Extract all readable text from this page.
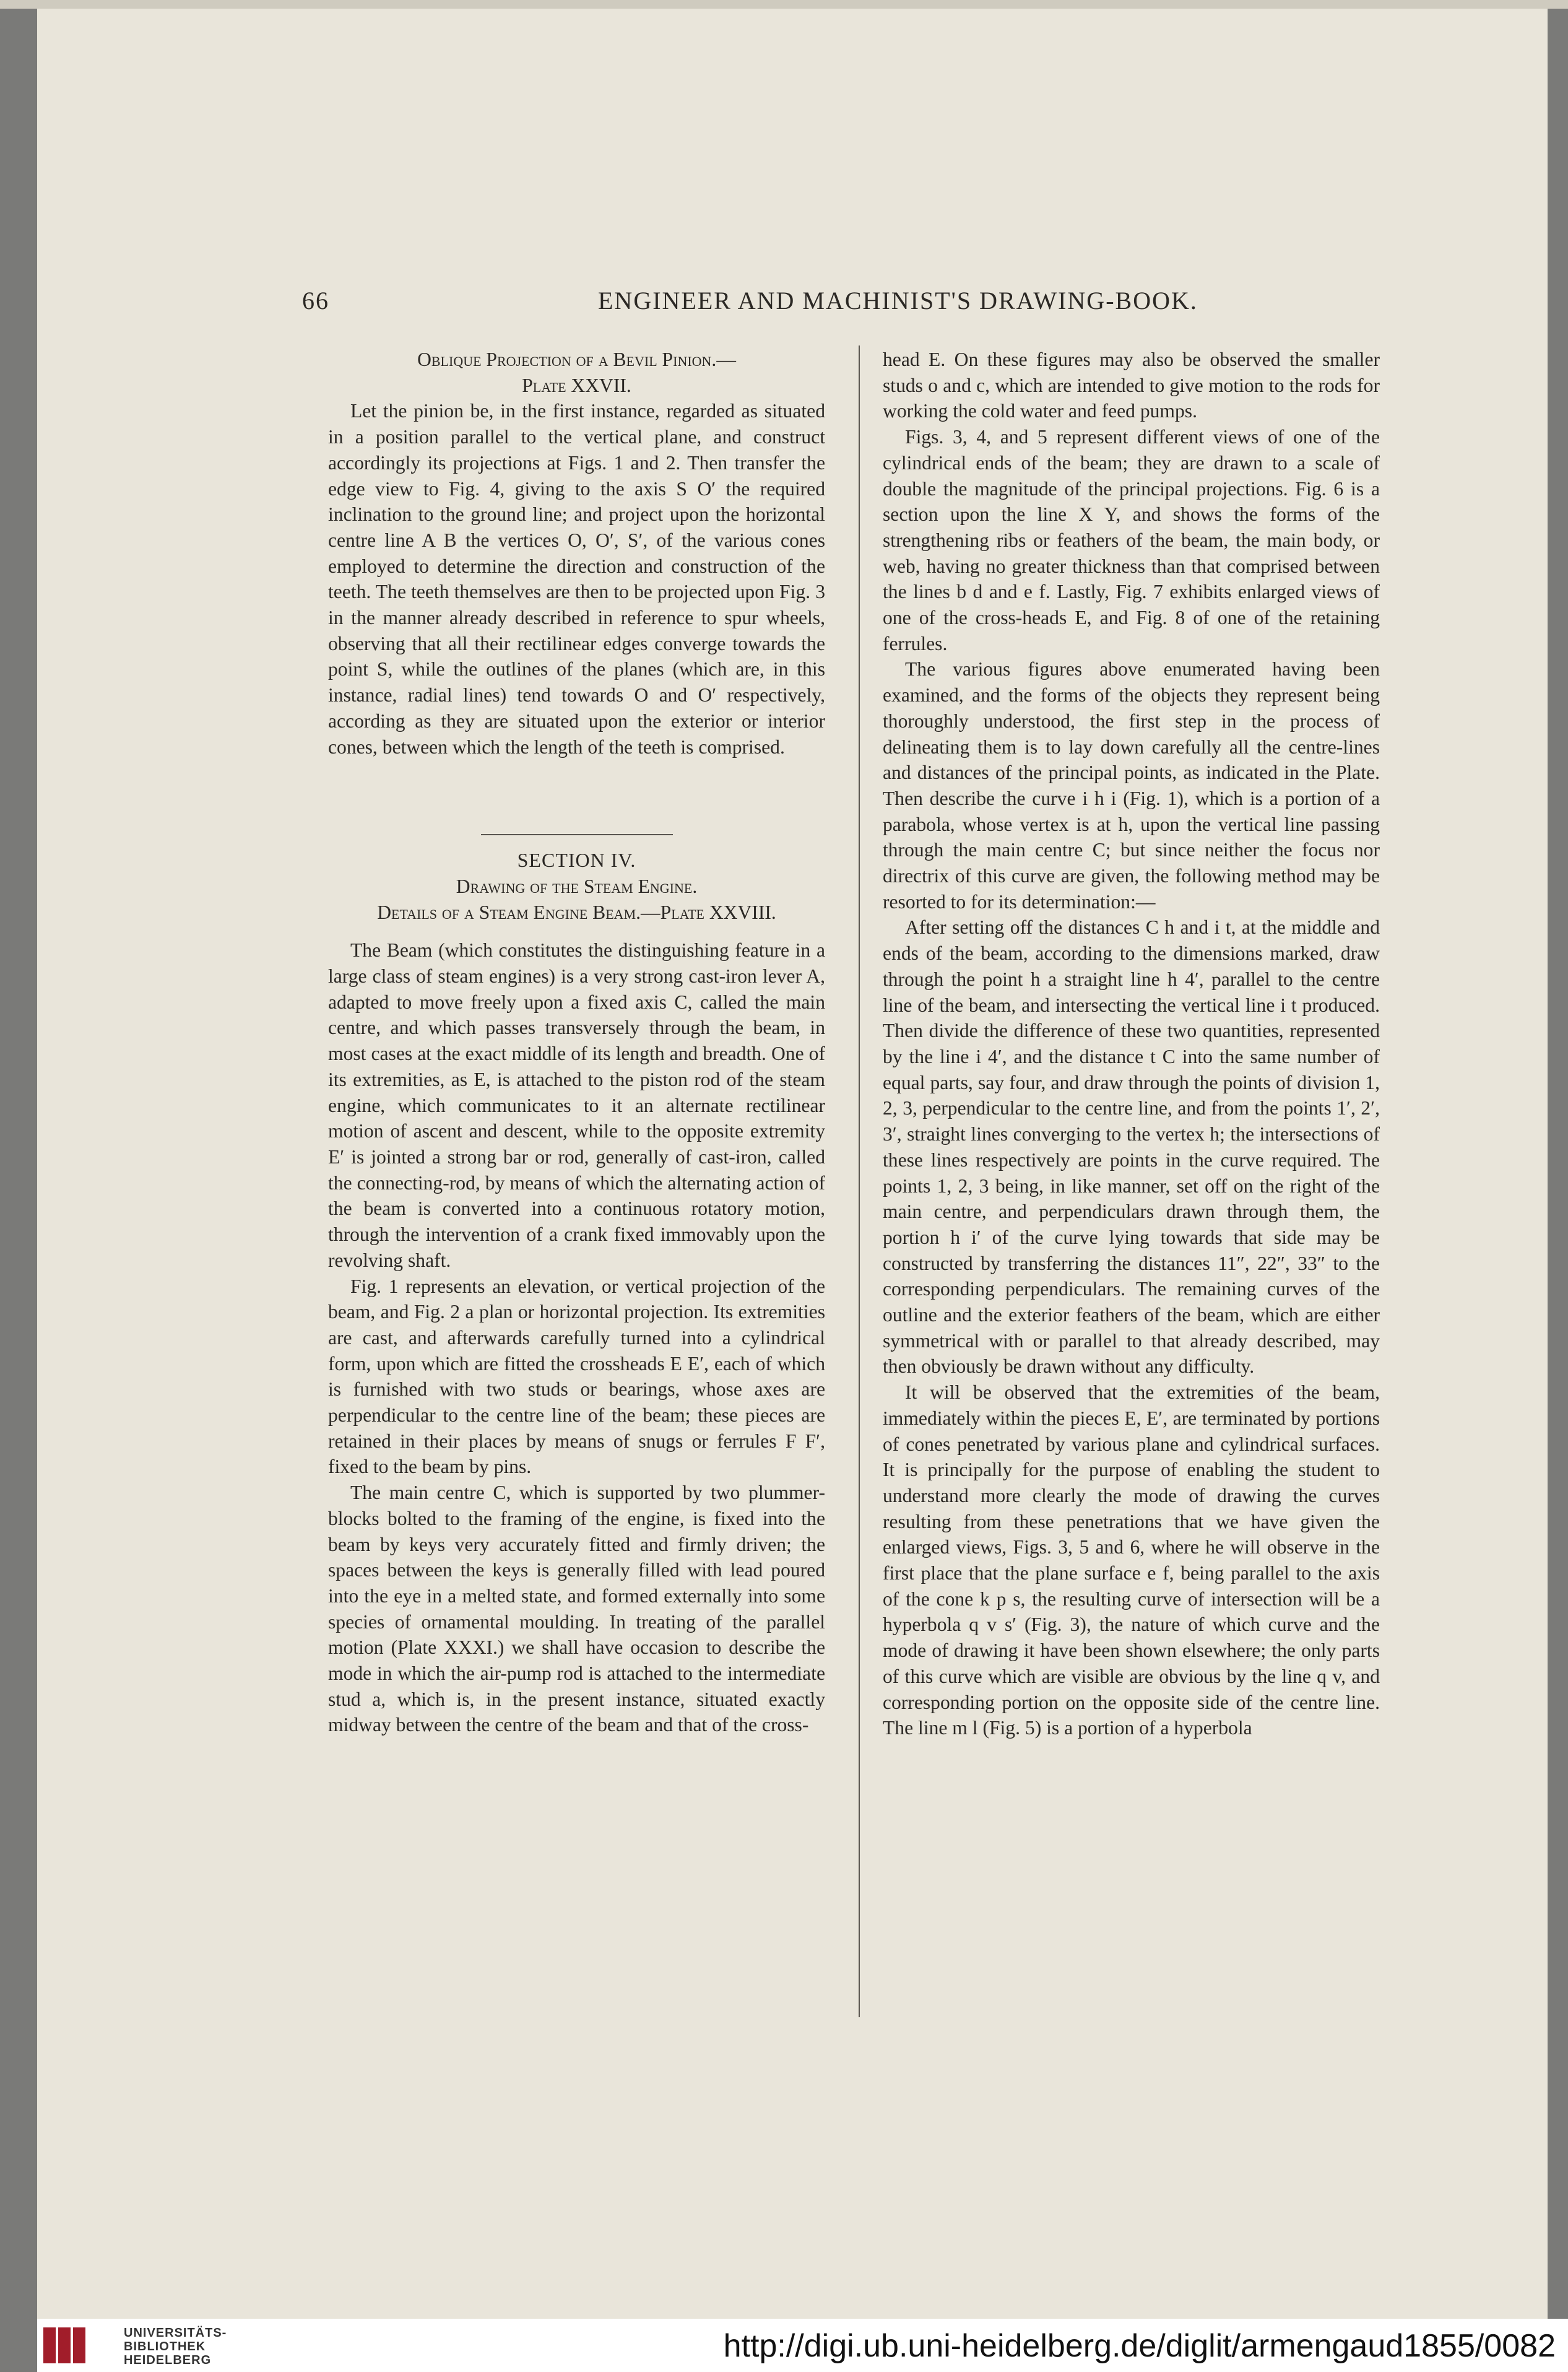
66	ENGINEER AND MACHINIST'S DRAWING-BOOK.

Oblique Projection of a Bevil Pinion.—

Plate XXVII.

Let the pinion be, in the first instance, regarded as situated in a position parallel to the vertical plane, and construct accordingly its projections at Figs. 1 and 2. Then transfer the edge view to Fig. 4, giving to the axis S O′ the required inclination to the ground line; and project upon the horizontal centre line A B the vertices O, O′, S′, of the various cones employed to determine the direction and construction of the teeth. The teeth themselves are then to be projected upon Fig. 3 in the manner already described in reference to spur wheels, observing that all their rectilinear edges converge towards the point S, while the outlines of the planes (which are, in this instance, radial lines) tend towards O and O′ respectively, according as they are situated upon the exterior or interior cones, between which the length of the teeth is comprised.

SECTION IV.

Drawing of the Steam Engine.

Details of a Steam Engine Beam.—Plate XXVIII.

The Beam (which constitutes the distinguishing feature in a large class of steam engines) is a very strong cast-iron lever A, adapted to move freely upon a fixed axis C, called the main centre, and which passes transversely through the beam, in most cases at the exact middle of its length and breadth. One of its extremities, as E, is attached to the piston rod of the steam engine, which communicates to it an alternate rectilinear motion of ascent and descent, while to the opposite extremity E′ is jointed a strong bar or rod, generally of cast-iron, called the connecting-rod, by means of which the alternating action of the beam is converted into a continuous rotatory motion, through the intervention of a crank fixed immovably upon the revolving shaft.

Fig. 1 represents an elevation, or vertical projection of the beam, and Fig. 2 a plan or horizontal projection. Its extremities are cast, and afterwards carefully turned into a cylindrical form, upon which are fitted the crossheads E E′, each of which is furnished with two studs or bearings, whose axes are perpendicular to the centre line of the beam; these pieces are retained in their places by means of snugs or ferrules F F′, fixed to the beam by pins.

The main centre C, which is supported by two plummer-blocks bolted to the framing of the engine, is fixed into the beam by keys very accurately fitted and firmly driven; the spaces between the keys is generally filled with lead poured into the eye in a melted state, and formed externally into some species of ornamental moulding. In treating of the parallel motion (Plate XXXI.) we shall have occasion to describe the mode in which the air-pump rod is attached to the intermediate stud a, which is, in the present instance, situated exactly midway between the centre of the beam and that of the cross-

head E. On these figures may also be observed the smaller studs o and c, which are intended to give motion to the rods for working the cold water and feed pumps.

Figs. 3, 4, and 5 represent different views of one of the cylindrical ends of the beam; they are drawn to a scale of double the magnitude of the principal projections. Fig. 6 is a section upon the line X Y, and shows the forms of the strengthening ribs or feathers of the beam, the main body, or web, having no greater thickness than that comprised between the lines b d and e f. Lastly, Fig. 7 exhibits enlarged views of one of the cross-heads E, and Fig. 8 of one of the retaining ferrules.

The various figures above enumerated having been examined, and the forms of the objects they represent being thoroughly understood, the first step in the process of delineating them is to lay down carefully all the centre-lines and distances of the principal points, as indicated in the Plate. Then describe the curve i h i (Fig. 1), which is a portion of a parabola, whose vertex is at h, upon the vertical line passing through the main centre C; but since neither the focus nor directrix of this curve are given, the following method may be resorted to for its determination:—

After setting off the distances C h and i t, at the middle and ends of the beam, according to the dimensions marked, draw through the point h a straight line h 4′, parallel to the centre line of the beam, and intersecting the vertical line i t produced. Then divide the difference of these two quantities, represented by the line i 4′, and the distance t C into the same number of equal parts, say four, and draw through the points of division 1, 2, 3, perpendicular to the centre line, and from the points 1′, 2′, 3′, straight lines converging to the vertex h; the intersections of these lines respectively are points in the curve required. The points 1, 2, 3 being, in like manner, set off on the right of the main centre, and perpendiculars drawn through them, the portion h i′ of the curve lying towards that side may be constructed by transferring the distances 11″, 22″, 33″ to the corresponding perpendiculars. The remaining curves of the outline and the exterior feathers of the beam, which are either symmetrical with or parallel to that already described, may then obviously be drawn without any difficulty.

It will be observed that the extremities of the beam, immediately within the pieces E, E′, are terminated by portions of cones penetrated by various plane and cylindrical surfaces. It is principally for the purpose of enabling the student to understand more clearly the mode of drawing the curves resulting from these penetrations that we have given the enlarged views, Figs. 3, 5 and 6, where he will observe in the first place that the plane surface e f, being parallel to the axis of the cone k p s, the resulting curve of intersection will be a hyperbola q v s′ (Fig. 3), the nature of which curve and the mode of drawing it have been shown elsewhere; the only parts of this curve which are visible are obvious by the line q v, and corresponding portion on the opposite side of the centre line. The line m l (Fig. 5) is a portion of a hyperbola

UNIVERSITÄTS-
BIBLIOTHEK
HEIDELBERG	http://digi.ub.uni-heidelberg.de/diglit/armengaud1855/0082
